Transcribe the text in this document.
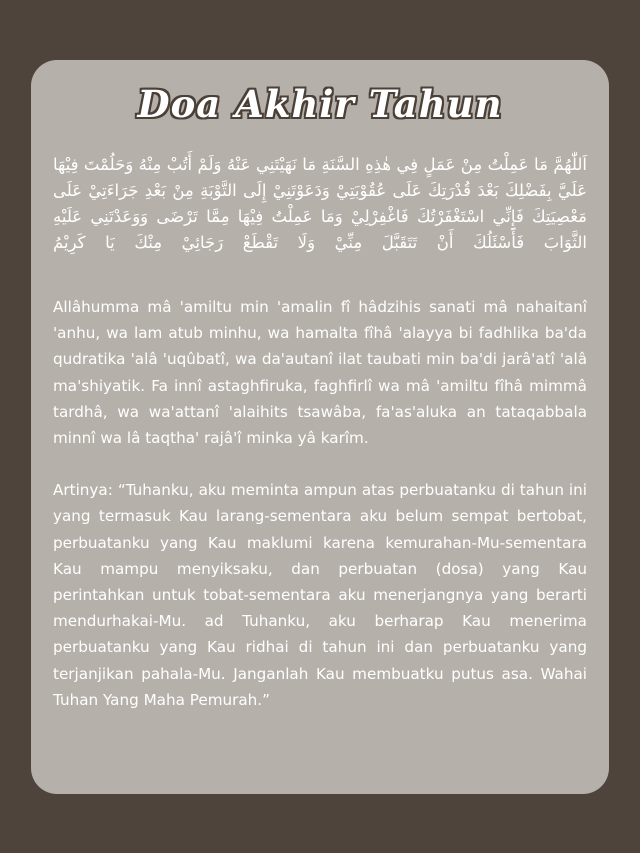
Doa Akhir Tahun
اَللّٰهُمَّ مَا عَمِلْتُ مِنْ عَمَلٍ فِي هٰذِهِ السَّنَةِ مَا نَهَيْتَنِي عَنْهُ وَلَمْ أَتُبْ مِنْهُ وَحَلُمْتَ فِيْهَا عَلَيَّ بِفَضْلِكَ بَعْدَ قُدْرَتِكَ عَلَى عُقُوْبَتِيْ وَدَعَوْتَنِيْ إِلَى التَّوْبَةِ مِنْ بَعْدِ جَرَاءَتِيْ عَلَى مَعْصِيَتِكَ فَإِنِّي اسْتَغْفَرْتُكَ فَاغْفِرْلِيْ وَمَا عَمِلْتُ فِيْهَا مِمَّا تَرْضَى وَوَعَدْتَنِي عَلَيْهِ الثَّوَابَ فَأَسْئَلُكَ أَنْ تَتَقَبَّلَ مِنِّيْ وَلَا تَقْطَعْ رَجَائِيْ مِنْكَ يَا كَرِيْمُ

Allâhumma mâ 'amiltu min 'amalin fî hâdzihis sanati mâ nahaitanî 'anhu, wa lam atub minhu, wa hamalta fîhâ 'alayya bi fadhlika ba'da qudratika 'alâ 'uqûbatî, wa da'autanî ilat taubati min ba'di jarâ'atî 'alâ ma'shiyatik. Fa innî astaghfiruka, faghfirlî wa mâ 'amiltu fîhâ mimmâ tardhâ, wa wa'attanî 'alaihits tsawâba, fa'as'aluka an tataqabbala minnî wa lâ taqtha' rajâ'î minka yâ karîm.

Artinya: “Tuhanku, aku meminta ampun atas perbuatanku di tahun ini yang termasuk Kau larang-sementara aku belum sempat bertobat, perbuatanku yang Kau maklumi karena kemurahan-Mu-sementara Kau mampu menyiksaku, dan perbuatan (dosa) yang Kau perintahkan untuk tobat-sementara aku menerjangnya yang berarti mendurhakai-Mu. ad Tuhanku, aku berharap Kau menerima perbuatanku yang Kau ridhai di tahun ini dan perbuatanku yang terjanjikan pahala-Mu. Janganlah Kau membuatku putus asa. Wahai Tuhan Yang Maha Pemurah.”
